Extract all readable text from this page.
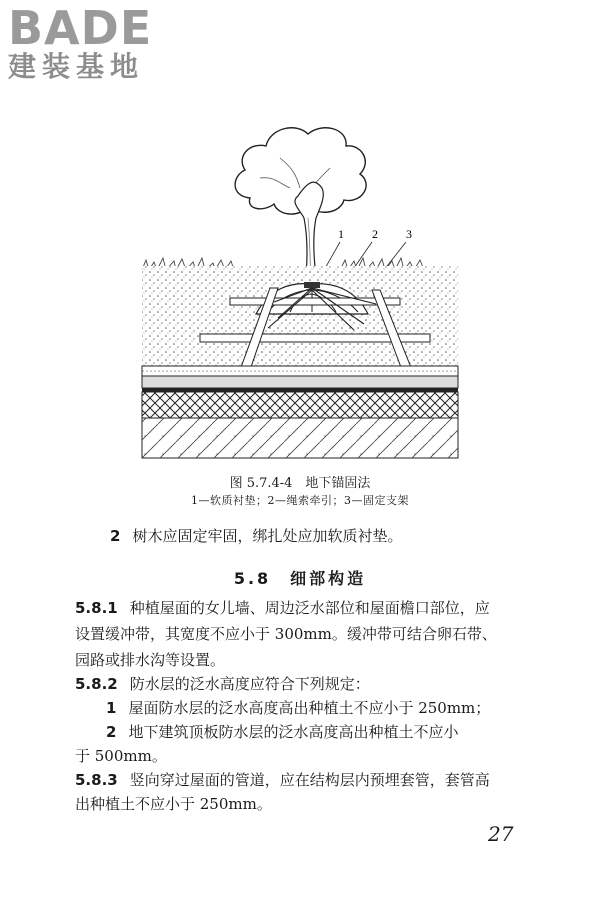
BADE
建装基地
1 2 3
图 5.7.4-4　地下锚固法
1—软质衬垫；2—绳索牵引；3—固定支架
2 树木应固定牢固，绑扎处应加软质衬垫。
5.8　细部构造
5.8.1 种植屋面的女儿墙、周边泛水部位和屋面檐口部位，应
设置缓冲带，其宽度不应小于 300mm。缓冲带可结合卵石带、
园路或排水沟等设置。
5.8.2 防水层的泛水高度应符合下列规定：
1 屋面防水层的泛水高度高出种植土不应小于 250mm；
2 地下建筑顶板防水层的泛水高度高出种植土不应小
于 500mm。
5.8.3 竖向穿过屋面的管道，应在结构层内预埋套管，套管高
出种植土不应小于 250mm。
27
